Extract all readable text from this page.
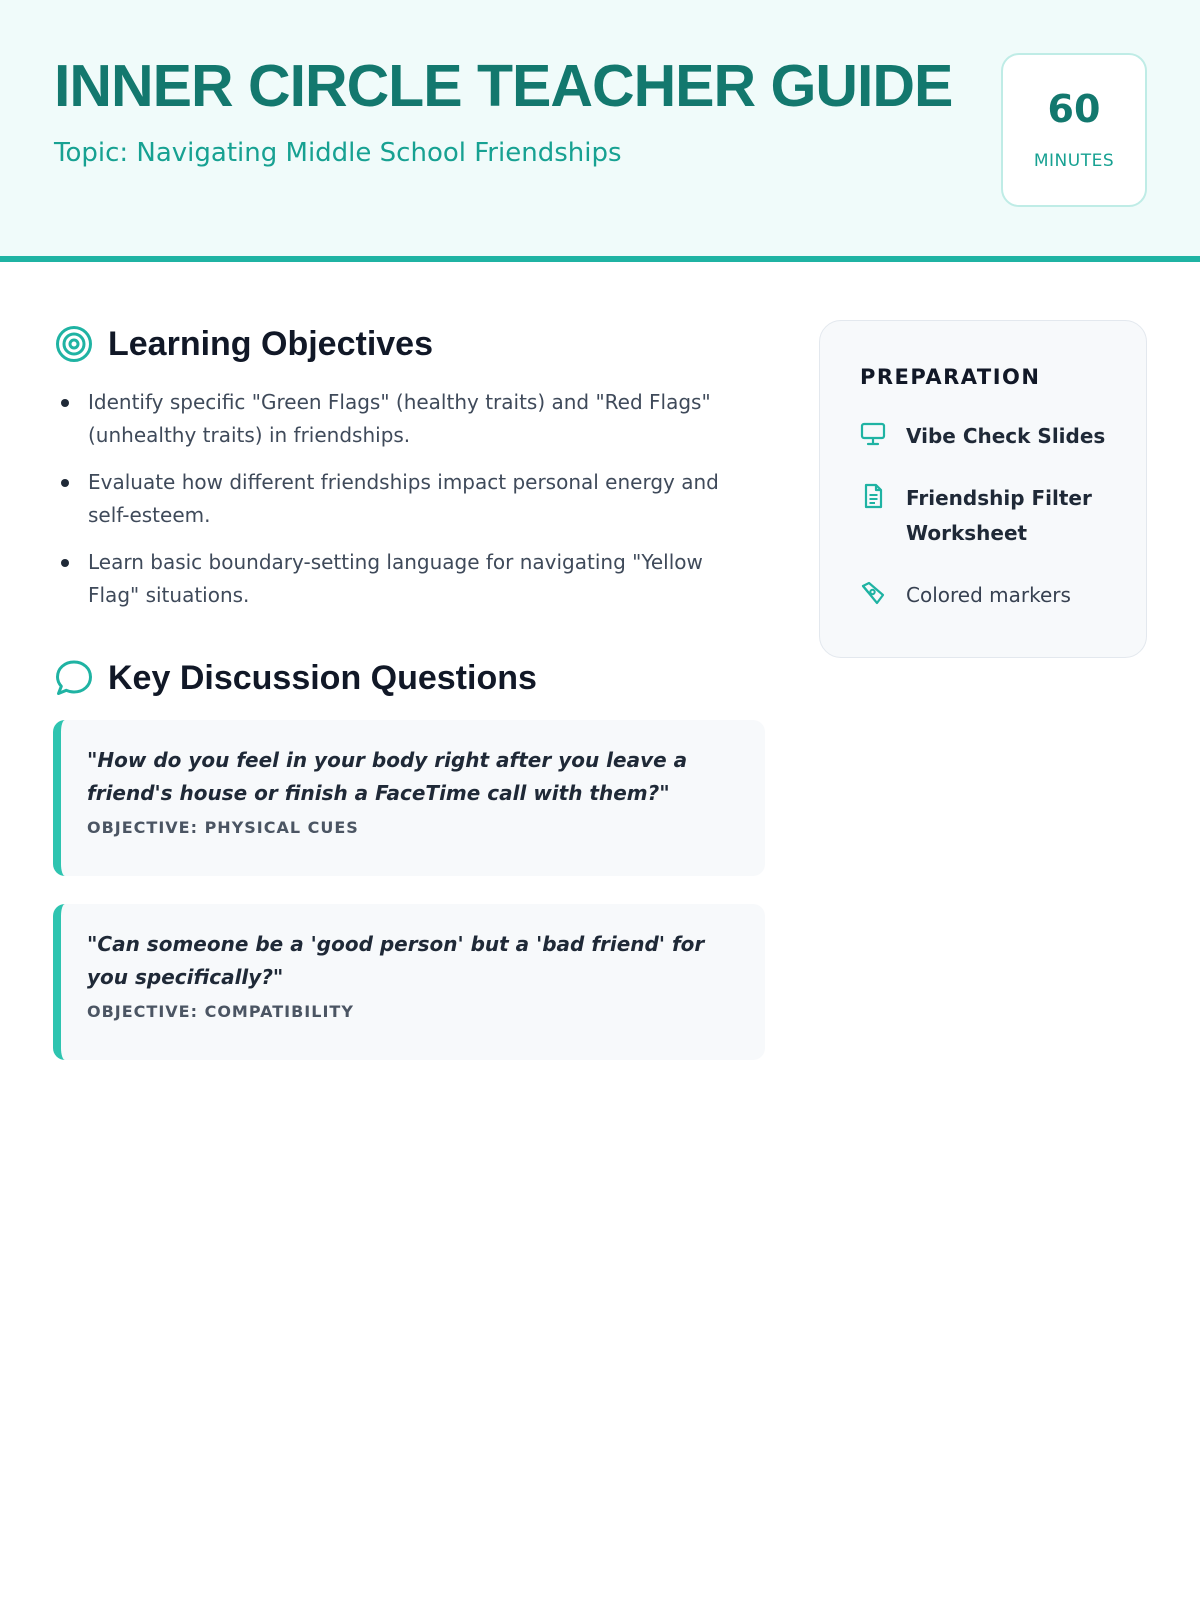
INNER CIRCLE TEACHER GUIDE
Topic: Navigating Middle School Friendships
60
MINUTES
Learning Objectives
Identify specific "Green Flags" (healthy traits) and "Red Flags" (unhealthy traits) in friendships.
Evaluate how different friendships impact personal energy and self-esteem.
Learn basic boundary-setting language for navigating "Yellow Flag" situations.
Key Discussion Questions
"How do you feel in your body right after you leave a friend's house or finish a FaceTime call with them?"
OBJECTIVE: PHYSICAL CUES
"Can someone be a 'good person' but a 'bad friend' for you specifically?"
OBJECTIVE: COMPATIBILITY
PREPARATION
Vibe Check Slides
Friendship Filter Worksheet
Colored markers
